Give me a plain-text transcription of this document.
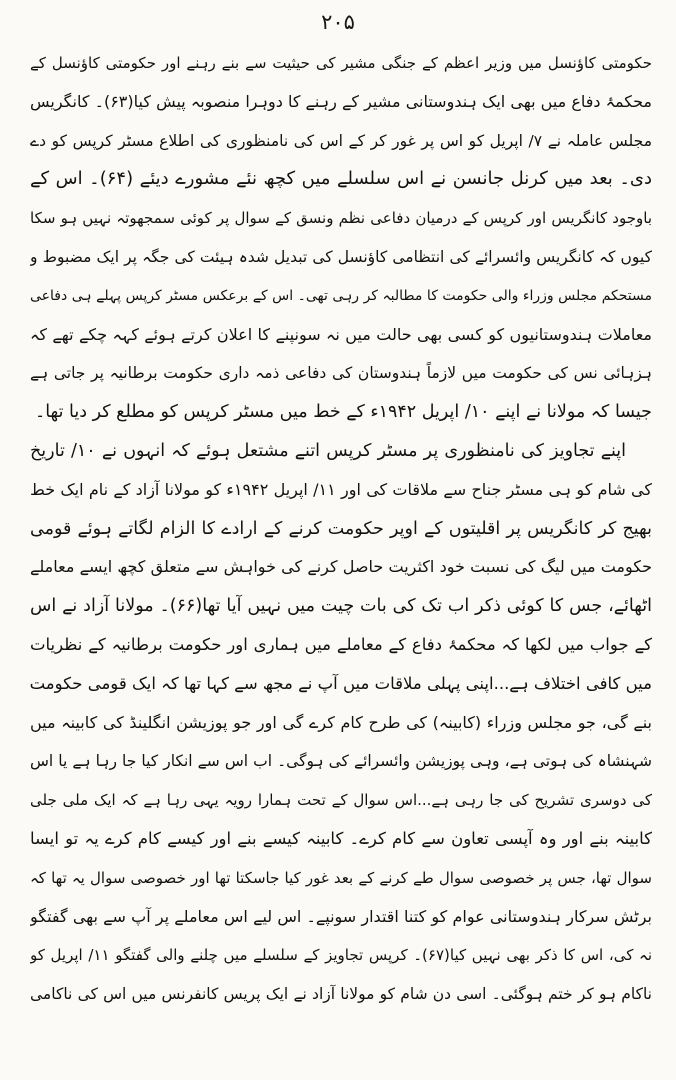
۲۰۵
حکومتی کاؤنسل میں وزیر اعظم کے جنگی مشیر کی حیثیت سے بنے رہنے اور حکومتی کاؤنسل کے
محکمۂ دفاع میں بھی ایک ہندوستانی مشیر کے رہنے کا دوہرا منصوبہ پیش کیا(۶۳)۔ کانگریس
مجلس عاملہ نے ۷/ اپریل کو اس پر غور کر کے اس کی نامنظوری کی اطلاع مسٹر کرپس کو دے
دی۔ بعد میں کرنل جانسن نے اس سلسلے میں کچھ نئے مشورے دیئے (۶۴)۔ اس کے
باوجود کانگریس اور کرپس کے درمیان دفاعی نظم ونسق کے سوال پر کوئی سمجھوتہ نہیں ہو سکا
کیوں کہ کانگریس وائسرائے کی انتظامی کاؤنسل کی تبدیل شدہ ہیئت کی جگہ پر ایک مضبوط و
مستحکم مجلس وزراء والی حکومت کا مطالبہ کر رہی تھی۔ اس کے برعکس مسٹر کرپس پہلے ہی دفاعی
معاملات ہندوستانیوں کو کسی بھی حالت میں نہ سونپنے کا اعلان کرتے ہوئے کہہ چکے تھے کہ
ہزہائی نس کی حکومت میں لازماً ہندوستان کی دفاعی ذمہ داری حکومت برطانیہ پر جاتی ہے
جیسا کہ مولانا نے اپنے ۱۰/ اپریل ۱۹۴۲ء کے خط میں مسٹر کرپس کو مطلع کر دیا تھا۔
اپنے تجاویز کی نامنظوری پر مسٹر کرپس اتنے مشتعل ہوئے کہ انہوں نے ۱۰/ تاریخ
کی شام کو ہی مسٹر جناح سے ملاقات کی اور ۱۱/ اپریل ۱۹۴۲ء کو مولانا آزاد کے نام ایک خط
بھیج کر کانگریس پر اقلیتوں کے اوپر حکومت کرنے کے ارادے کا الزام لگاتے ہوئے قومی
حکومت میں لیگ کی نسبت خود اکثریت حاصل کرنے کی خواہش سے متعلق کچھ ایسے معاملے
اٹھائے، جس کا کوئی ذکر اب تک کی بات چیت میں نہیں آیا تھا(۶۶)۔ مولانا آزاد نے اس
کے جواب میں لکھا کہ محکمۂ دفاع کے معاملے میں ہماری اور حکومت برطانیہ کے نظریات
میں کافی اختلاف ہے...اپنی پہلی ملاقات میں آپ نے مجھ سے کہا تھا کہ ایک قومی حکومت
بنے گی، جو مجلس وزراء (کابینہ) کی طرح کام کرے گی اور جو پوزیشن انگلینڈ کی کابینہ میں
شہنشاہ کی ہوتی ہے، وہی پوزیشن وائسرائے کی ہوگی۔ اب اس سے انکار کیا جا رہا ہے یا اس
کی دوسری تشریح کی جا رہی ہے...اس سوال کے تحت ہمارا رویہ یہی رہا ہے کہ ایک ملی جلی
کابینہ بنے اور وہ آپسی تعاون سے کام کرے۔ کابینہ کیسے بنے اور کیسے کام کرے یہ تو ایسا
سوال تھا، جس پر خصوصی سوال طے کرنے کے بعد غور کیا جاسکتا تھا اور خصوصی سوال یہ تھا کہ
برٹش سرکار ہندوستانی عوام کو کتنا اقتدار سونپے۔ اس لیے اس معاملے پر آپ سے بھی گفتگو
نہ کی، اس کا ذکر بھی نہیں کیا(۶۷)۔ کرپس تجاویز کے سلسلے میں چلنے والی گفتگو ۱۱/ اپریل کو
ناکام ہو کر ختم ہوگئی۔ اسی دن شام کو مولانا آزاد نے ایک پریس کانفرنس میں اس کی ناکامی
